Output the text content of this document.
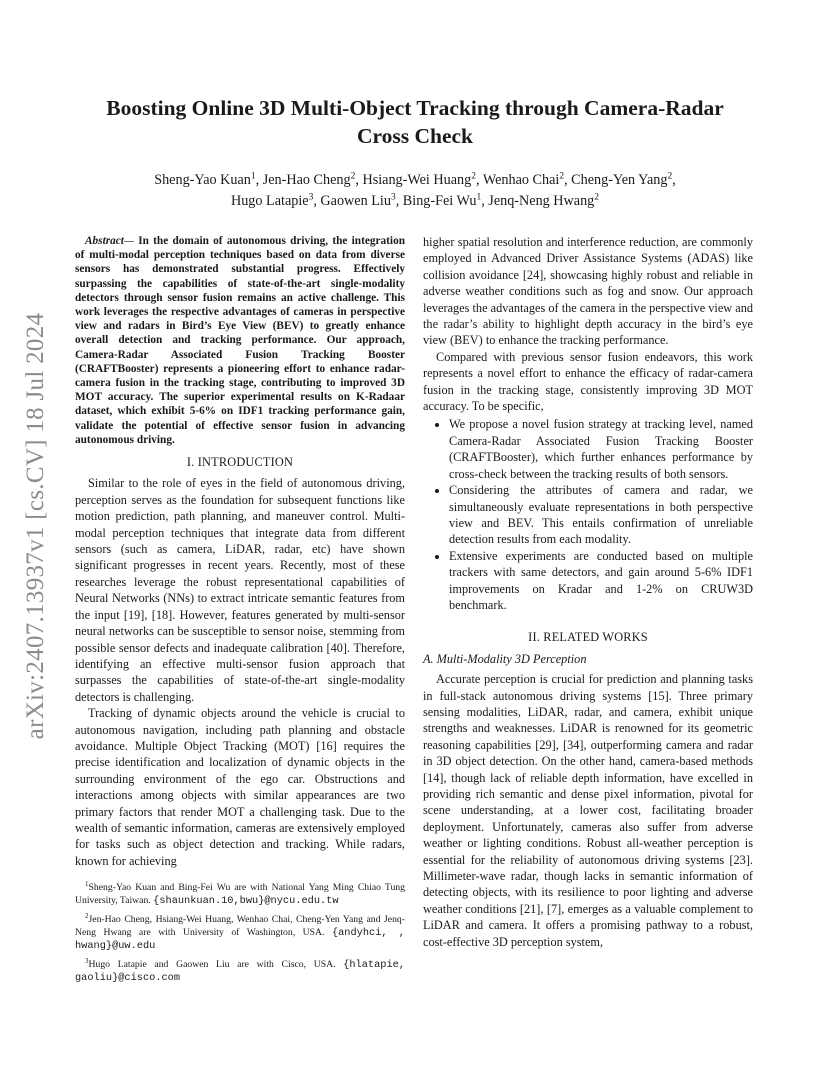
arXiv:2407.13937v1 [cs.CV] 18 Jul 2024
Boosting Online 3D Multi-Object Tracking through Camera-Radar Cross Check
Sheng-Yao Kuan$^1$, Jen-Hao Cheng$^2$, Hsiang-Wei Huang$^2$, Wenhao Chai$^2$, Cheng-Yen Yang$^2$,
Hugo Latapie$^3$, Gaowen Liu$^3$, Bing-Fei Wu$^1$, Jenq-Neng Hwang$^2$

Abstract— In the domain of autonomous driving, the integration of multi-modal perception techniques based on data from diverse sensors has demonstrated substantial progress. Effectively surpassing the capabilities of state-of-the-art single-modality detectors through sensor fusion remains an active challenge. This work leverages the respective advantages of cameras in perspective view and radars in Bird’s Eye View (BEV) to greatly enhance overall detection and tracking performance. Our approach, Camera-Radar Associated Fusion Tracking Booster (CRAFTBooster) represents a pioneering effort to enhance radar-camera fusion in the tracking stage, contributing to improved 3D MOT accuracy. The superior experimental results on K-Radaar dataset, which exhibit 5-6% on IDF1 tracking performance gain, validate the potential of effective sensor fusion in advancing autonomous driving.

I. INTRODUCTION

Similar to the role of eyes in the field of autonomous driving, perception serves as the foundation for subsequent functions like motion prediction, path planning, and maneuver control. Multi-modal perception techniques that integrate data from different sensors (such as camera, LiDAR, radar, etc) have shown significant progresses in recent years. Recently, most of these researches leverage the robust representational capabilities of Neural Networks (NNs) to extract intricate semantic features from the input [19], [18]. However, features generated by multi-sensor neural networks can be susceptible to sensor noise, stemming from possible sensor defects and inadequate calibration [40]. Therefore, identifying an effective multi-sensor fusion approach that surpasses the capabilities of state-of-the-art single-modality detectors is challenging.

Tracking of dynamic objects around the vehicle is crucial to autonomous navigation, including path planning and obstacle avoidance. Multiple Object Tracking (MOT) [16] requires the precise identification and localization of dynamic objects in the surrounding environment of the ego car. Obstructions and interactions among objects with similar appearances are two primary factors that render MOT a challenging task. Due to the wealth of semantic information, cameras are extensively employed for tasks such as object detection and tracking. While radars, known for achieving

higher spatial resolution and interference reduction, are commonly employed in Advanced Driver Assistance Systems (ADAS) like collision avoidance [24], showcasing highly robust and reliable in adverse weather conditions such as fog and snow. Our approach leverages the advantages of the camera in the perspective view and the radar’s ability to highlight depth accuracy in the bird’s eye view (BEV) to enhance the tracking performance.

Compared with previous sensor fusion endeavors, this work represents a novel effort to enhance the efficacy of radar-camera fusion in the tracking stage, consistently improving 3D MOT accuracy. To be specific,

• We propose a novel fusion strategy at tracking level, named Camera-Radar Associated Fusion Tracking Booster (CRAFTBooster), which further enhances performance by cross-check between the tracking results of both sensors.
• Considering the attributes of camera and radar, we simultaneously evaluate representations in both perspective view and BEV. This entails confirmation of unreliable detection results from each modality.
• Extensive experiments are conducted based on multiple trackers with same detectors, and gain around 5-6% IDF1 improvements on Kradar and 1-2% on CRUW3D benchmark.
II. RELATED WORKS
A. Multi-Modality 3D Perception

Accurate perception is crucial for prediction and planning tasks in full-stack autonomous driving systems [15]. Three primary sensing modalities, LiDAR, radar, and camera, exhibit unique strengths and weaknesses. LiDAR is renowned for its geometric reasoning capabilities [29], [34], outperforming camera and radar in 3D object detection. On the other hand, camera-based methods [14], though lack of reliable depth information, have excelled in providing rich semantic and dense pixel information, pivotal for scene understanding, at a lower cost, facilitating broader deployment. Unfortunately, cameras also suffer from adverse weather or lighting conditions. Robust all-weather perception is essential for the reliability of autonomous driving systems [23]. Millimeter-wave radar, though lacks in semantic information of detecting objects, with its resilience to poor lighting and adverse weather conditions [21], [7], emerges as a valuable complement to LiDAR and camera. It offers a promising pathway to a robust, cost-effective 3D perception system,

$^1$Sheng-Yao Kuan and Bing-Fei Wu are with National Yang Ming Chiao Tung University, Taiwan. {shaunkuan.10,bwu}@nycu.edu.tw

$^2$Jen-Hao Cheng, Hsiang-Wei Huang, Wenhao Chai, Cheng-Yen Yang and Jenq-Neng Hwang are with University of Washington, USA. {andyhci, , hwang}@uw.edu

$^3$Hugo Latapie and Gaowen Liu are with Cisco, USA. {hlatapie, gaoliu}@cisco.com
